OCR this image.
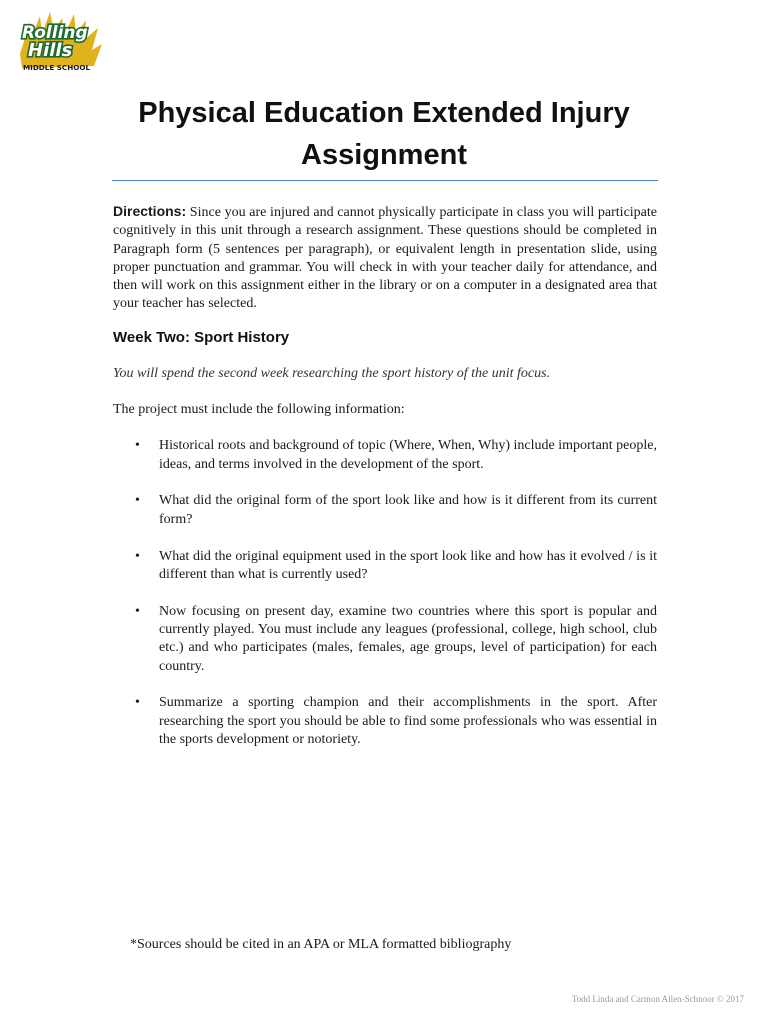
Rolling
Hills
MIDDLE SCHOOL
Physical Education Extended Injury Assignment

Directions: Since you are injured and cannot physically participate in class you will participate cognitively in this unit through a research assignment. These questions should be completed in Paragraph form (5 sentences per paragraph), or equivalent length in presentation slide, using proper punctuation and grammar. You will check in with your teacher daily for attendance, and then will work on this assignment either in the library or on a computer in a designated area that your teacher has selected.

Week Two: Sport History

You will spend the second week researching the sport history of the unit focus.

The project must include the following information:

• Historical roots and background of topic (Where, When, Why) include important people, ideas, and terms involved in the development of the sport.
• What did the original form of the sport look like and how is it different from its current form?
• What did the original equipment used in the sport look like and how has it evolved / is it different than what is currently used?
• Now focusing on present day, examine two countries where this sport is popular and currently played. You must include any leagues (professional, college, high school, club etc.) and who participates (males, females, age groups, level of participation) for each country.
• Summarize a sporting champion and their accomplishments in the sport. After researching the sport you should be able to find some professionals who was essential in the sports development or notoriety.

*Sources should be cited in an APA or MLA formatted bibliography

Todd Linda and Carmon Allen-Schnoor © 2017
